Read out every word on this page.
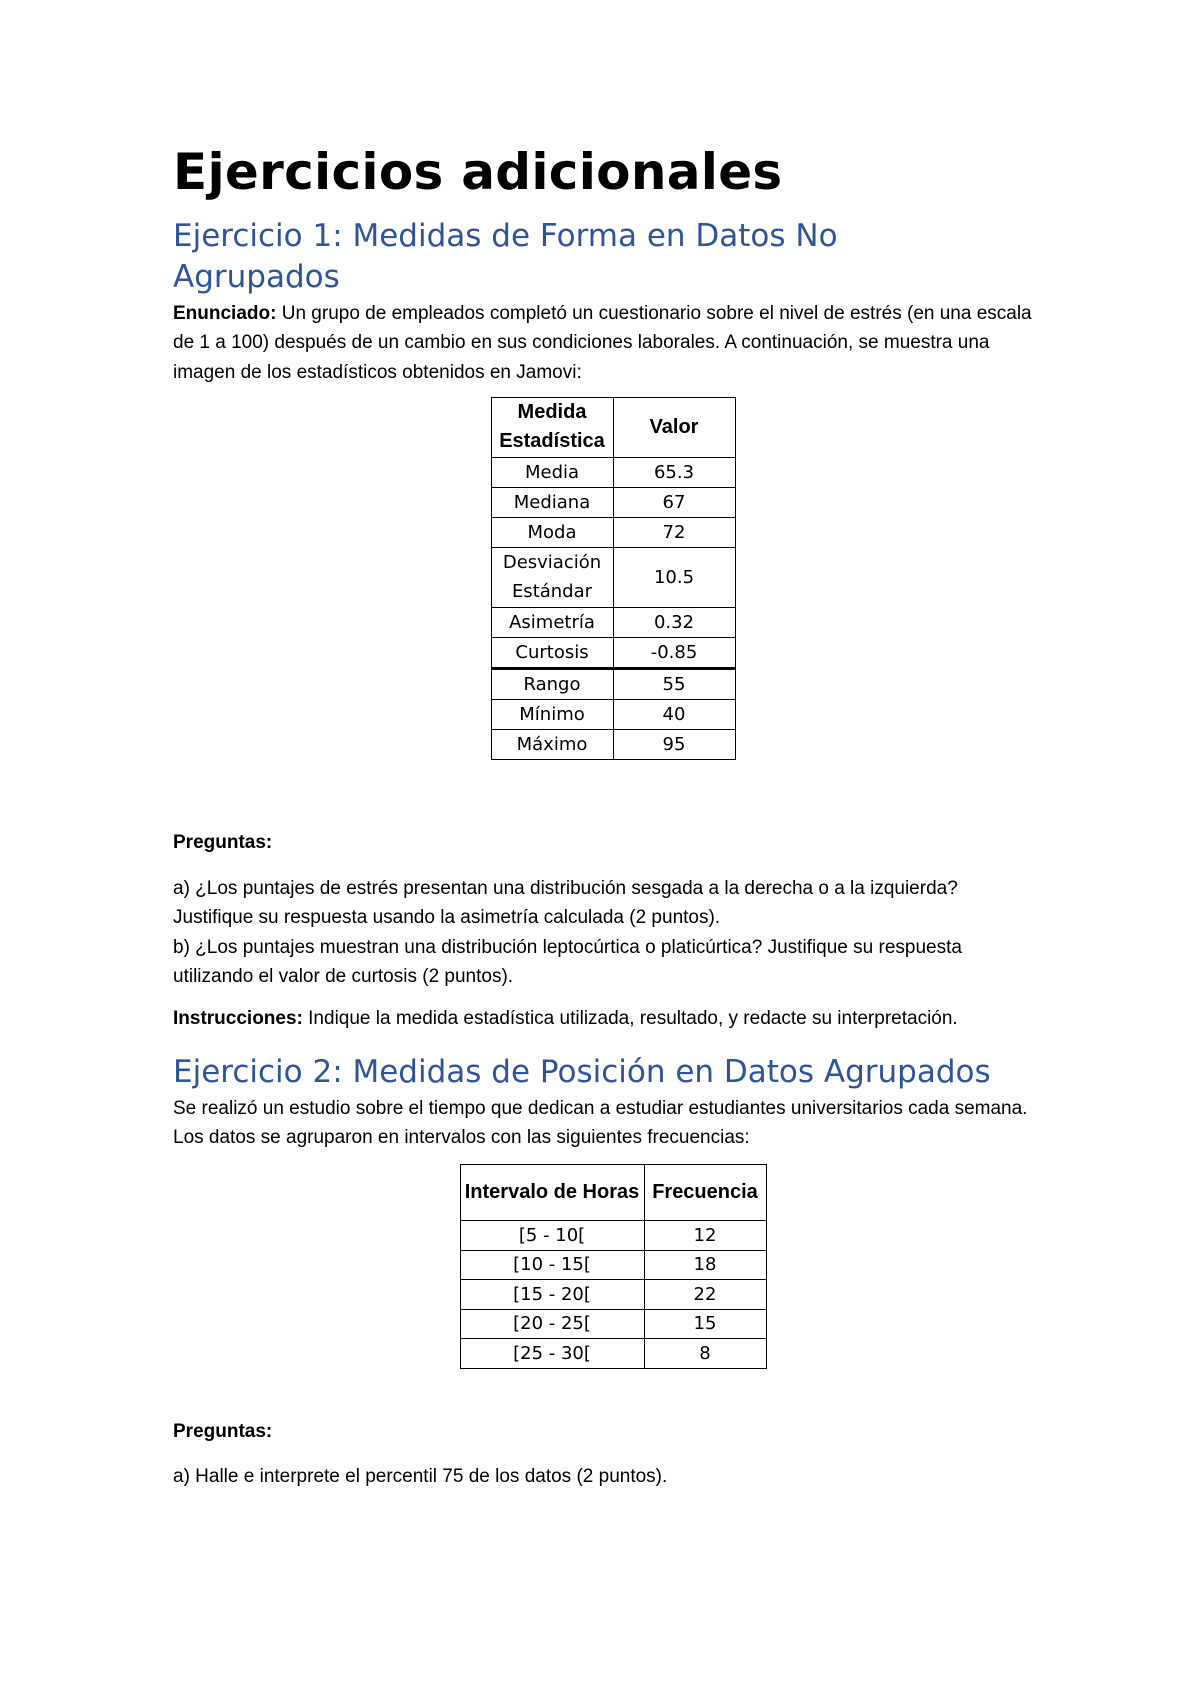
Ejercicios adicionales
Ejercicio 1: Medidas de Forma en Datos No
Agrupados

Enunciado: Un grupo de empleados completó un cuestionario sobre el nivel de estrés (en una escala de 1 a 100) después de un cambio en sus condiciones laborales. A continuación, se muestra una imagen de los estadísticos obtenidos en Jamovi:

Medida Estadística	Valor
Media	65.3
Mediana	67
Moda	72
Desviación Estándar	10.5
Asimetría	0.32
Curtosis	-0.85
Rango	55
Mínimo	40
Máximo	95

Preguntas:

a) ¿Los puntajes de estrés presentan una distribución sesgada a la derecha o a la izquierda? Justifique su respuesta usando la asimetría calculada (2 puntos).

b) ¿Los puntajes muestran una distribución leptocúrtica o platicúrtica? Justifique su respuesta utilizando el valor de curtosis (2 puntos).

Instrucciones: Indique la medida estadística utilizada, resultado, y redacte su interpretación.

Ejercicio 2: Medidas de Posición en Datos Agrupados

Se realizó un estudio sobre el tiempo que dedican a estudiar estudiantes universitarios cada semana. Los datos se agruparon en intervalos con las siguientes frecuencias:

Intervalo de Horas	Frecuencia
[5 - 10[	12
[10 - 15[	18
[15 - 20[	22
[20 - 25[	15
[25 - 30[	8

Preguntas:

a) Halle e interprete el percentil 75 de los datos (2 puntos).
